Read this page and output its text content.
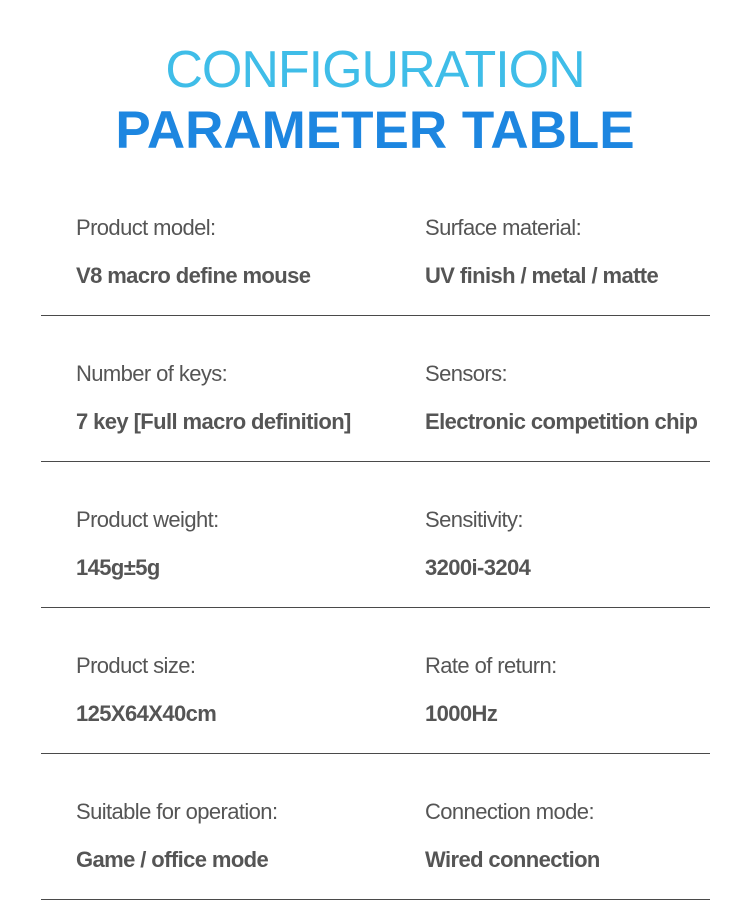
CONFIGURATION
PARAMETER TABLE
Product model:
V8 macro define mouse
Surface material:
UV finish / metal / matte
Number of keys:
7 key [Full macro definition]
Sensors:
Electronic competition chip
Product weight:
145g±5g
Sensitivity:
3200i-3204
Product size:
125X64X40cm
Rate of return:
1000Hz
Suitable for operation:
Game / office mode
Connection mode:
Wired connection
